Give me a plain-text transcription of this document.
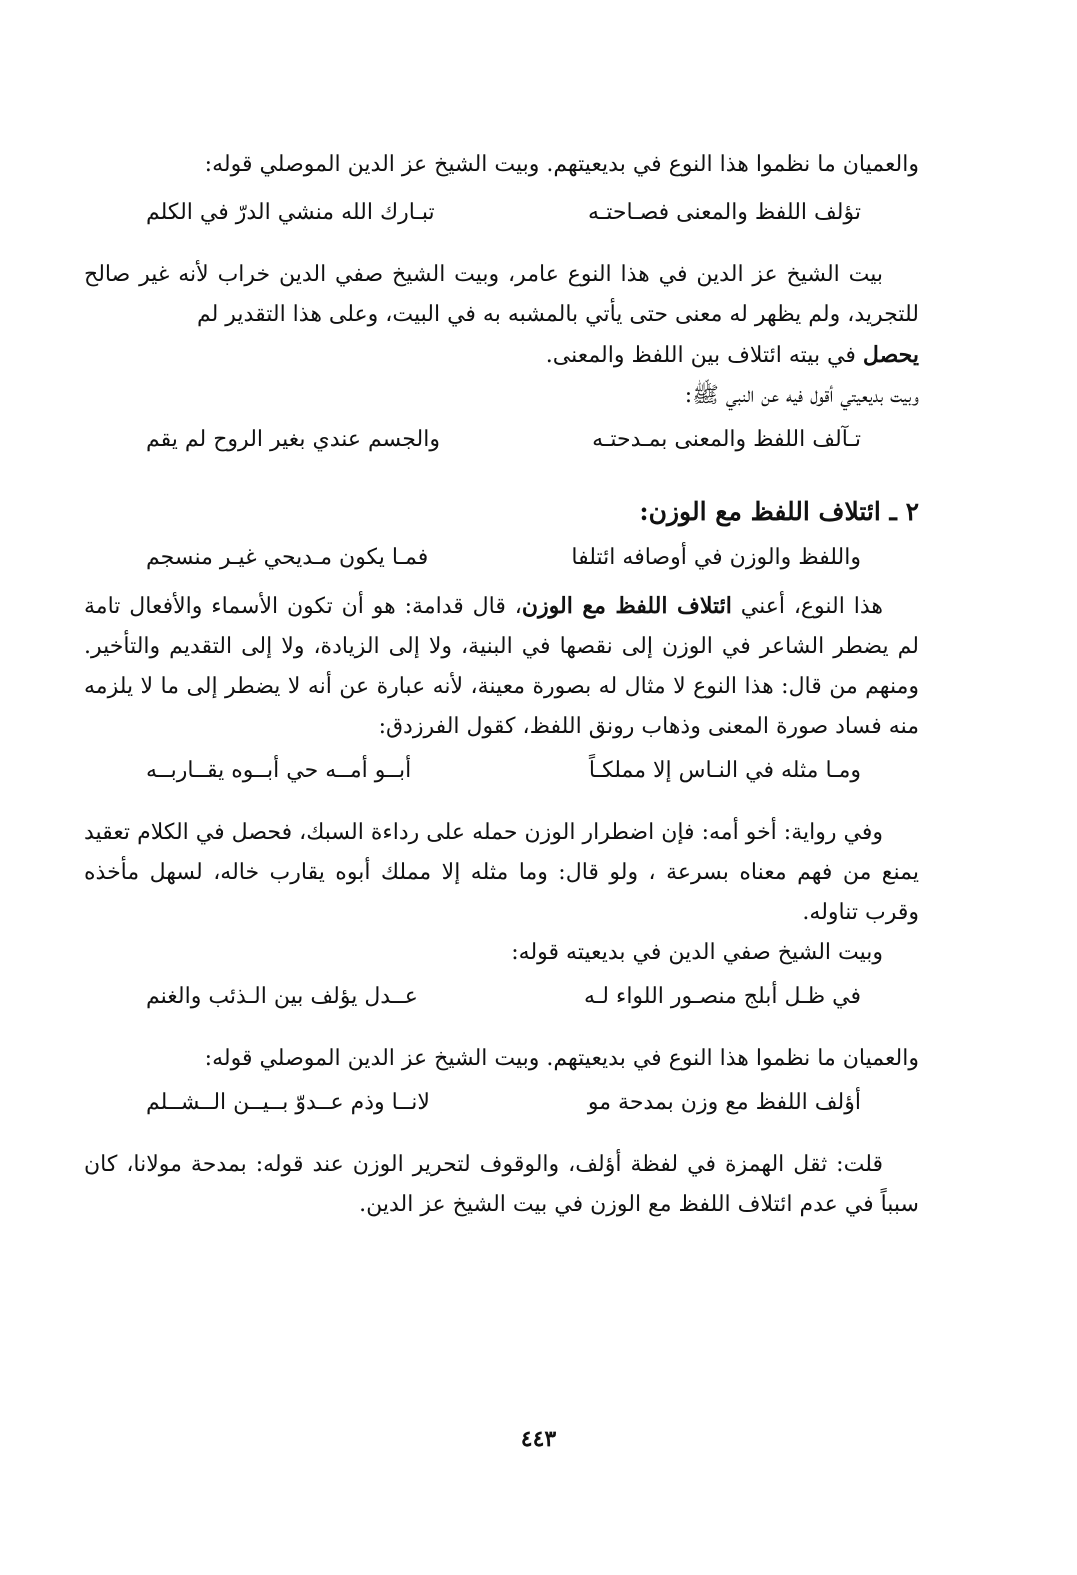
والعميان ما نظموا هذا النوع في بديعيتهم. وبيت الشيخ عز الدين الموصلي قوله:

تؤلف اللفظ والمعنى فصـاحتـه
تبـارك الله منشي الدرّ في الكلم

بيت الشيخ عز الدين في هذا النوع عامر، وبيت الشيخ صفي الدين خراب لأنه غير صالح للتجريد، ولم يظهر له معنى حتى يأتي بالمشبه به في البيت، وعلى هذا التقدير لم
يحصل في بيته ائتلاف بين اللفظ والمعنى.

وبيت بديعيتي أقول فيه عن النبي ﷺ:

تـآلف اللفظ والمعنى بمـدحتـه
والجسم عندي بغير الروح لم يقم
٢ ـ ائتلاف اللفظ مع الوزن:
واللفظ والوزن في أوصافه ائتلفا
فمـا يكون مـديحي غيـر منسجم

هذا النوع، أعني ائتلاف اللفظ مع الوزن، قال قدامة: هو أن تكون الأسماء والأفعال تامة لم يضطر الشاعر في الوزن إلى نقصها في البنية، ولا إلى الزيادة، ولا إلى التقديم والتأخير. ومنهم من قال: هذا النوع لا مثال له بصورة معينة، لأنه عبارة عن أنه لا يضطر إلى ما لا يلزمه منه فساد صورة المعنى وذهاب رونق اللفظ، كقول الفرزدق:

ومـا مثله في النـاس إلا مملكـاً
أبــو أمــه حي أبــوه يقــاربــه

وفي رواية: أخو أمه: فإن اضطرار الوزن حمله على رداءة السبك، فحصل في الكلام تعقيد يمنع من فهم معناه بسرعة ، ولو قال: وما مثله إلا مملك أبوه يقارب خاله، لسهل مأخذه وقرب تناوله.

وبيت الشيخ صفي الدين في بديعيته قوله:

في ظـل أبلج منصـور اللواء لـه
عــدل يؤلف بين الـذئب والغنم

والعميان ما نظموا هذا النوع في بديعيتهم. وبيت الشيخ عز الدين الموصلي قوله:

أؤلف اللفظ مع وزن بمدحة مو
لانــا وذم عــدوّ بــيــن الــشــلم

قلت: ثقل الهمزة في لفظة أؤلف، والوقوف لتحرير الوزن عند قوله: بمدحة مولانا، كان سبباً في عدم ائتلاف اللفظ مع الوزن في بيت الشيخ عز الدين.

٤٤٣
